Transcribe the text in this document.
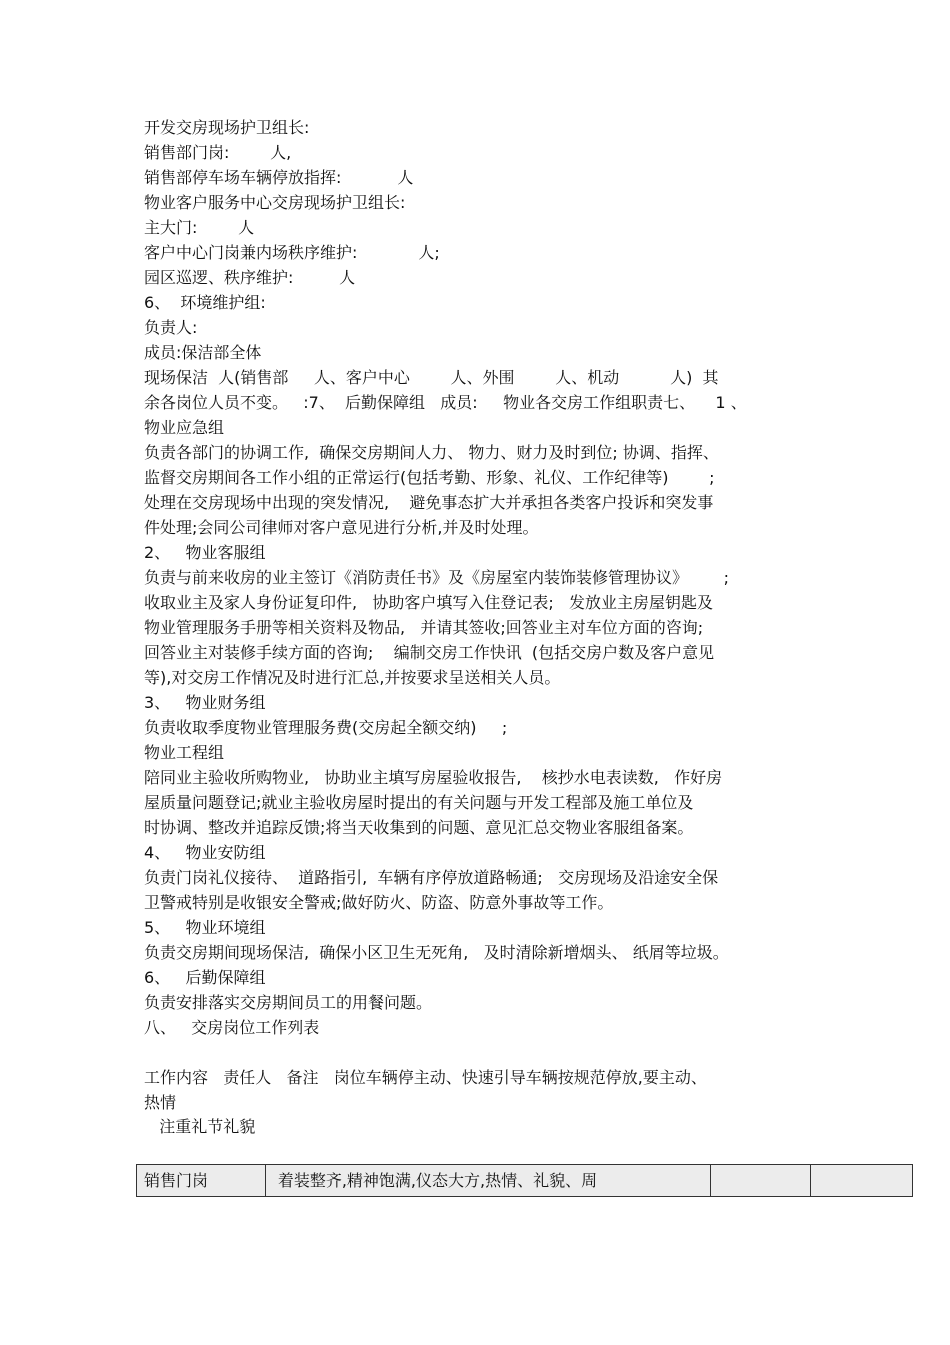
开发交房现场护卫组长:
销售部门岗:        人,
销售部停车场车辆停放指挥:           人
物业客户服务中心交房现场护卫组长:
主大门:        人
客户中心门岗兼内场秩序维护:            人;
园区巡逻、秩序维护:         人
6、  环境维护组:
负责人:
成员:保洁部全体
现场保洁  人(销售部     人、客户中心        人、外围        人、机动          人)  其
余各岗位人员不变。   :7、  后勤保障组   成员:     物业各交房工作组职责七、    1 、
物业应急组
负责各部门的协调工作,  确保交房期间人力、 物力、财力及时到位; 协调、指挥、
监督交房期间各工作小组的正常运行(包括考勤、形象、礼仪、工作纪律等)        ;
处理在交房现场中出现的突发情况,    避免事态扩大并承担各类客户投诉和突发事
件处理;会同公司律师对客户意见进行分析,并及时处理。
2、   物业客服组
负责与前来收房的业主签订《消防责任书》及《房屋室内装饰装修管理协议》       ;
收取业主及家人身份证复印件,   协助客户填写入住登记表;   发放业主房屋钥匙及
物业管理服务手册等相关资料及物品,   并请其签收;回答业主对车位方面的咨询;
回答业主对装修手续方面的咨询;    编制交房工作快讯  (包括交房户数及客户意见
等),对交房工作情况及时进行汇总,并按要求呈送相关人员。
3、   物业财务组
负责收取季度物业管理服务费(交房起全额交纳)     ;
物业工程组
陪同业主验收所购物业,   协助业主填写房屋验收报告,    核抄水电表读数,   作好房
屋质量问题登记;就业主验收房屋时提出的有关问题与开发工程部及施工单位及
时协调、整改并追踪反馈;将当天收集到的问题、意见汇总交物业客服组备案。
4、   物业安防组
负责门岗礼仪接待、  道路指引,  车辆有序停放道路畅通;   交房现场及沿途安全保
卫警戒特别是收银安全警戒;做好防火、防盗、防意外事故等工作。
5、   物业环境组
负责交房期间现场保洁,  确保小区卫生无死角,   及时清除新增烟头、 纸屑等垃圾。
6、   后勤保障组
负责安排落实交房期间员工的用餐问题。
八、   交房岗位工作列表
工作内容   责任人   备注   岗位车辆停主动、快速引导车辆按规范停放,要主动、
热情
注重礼节礼貌
销售门岗	着装整齐,精神饱满,仪态大方,热情、礼貌、周		
